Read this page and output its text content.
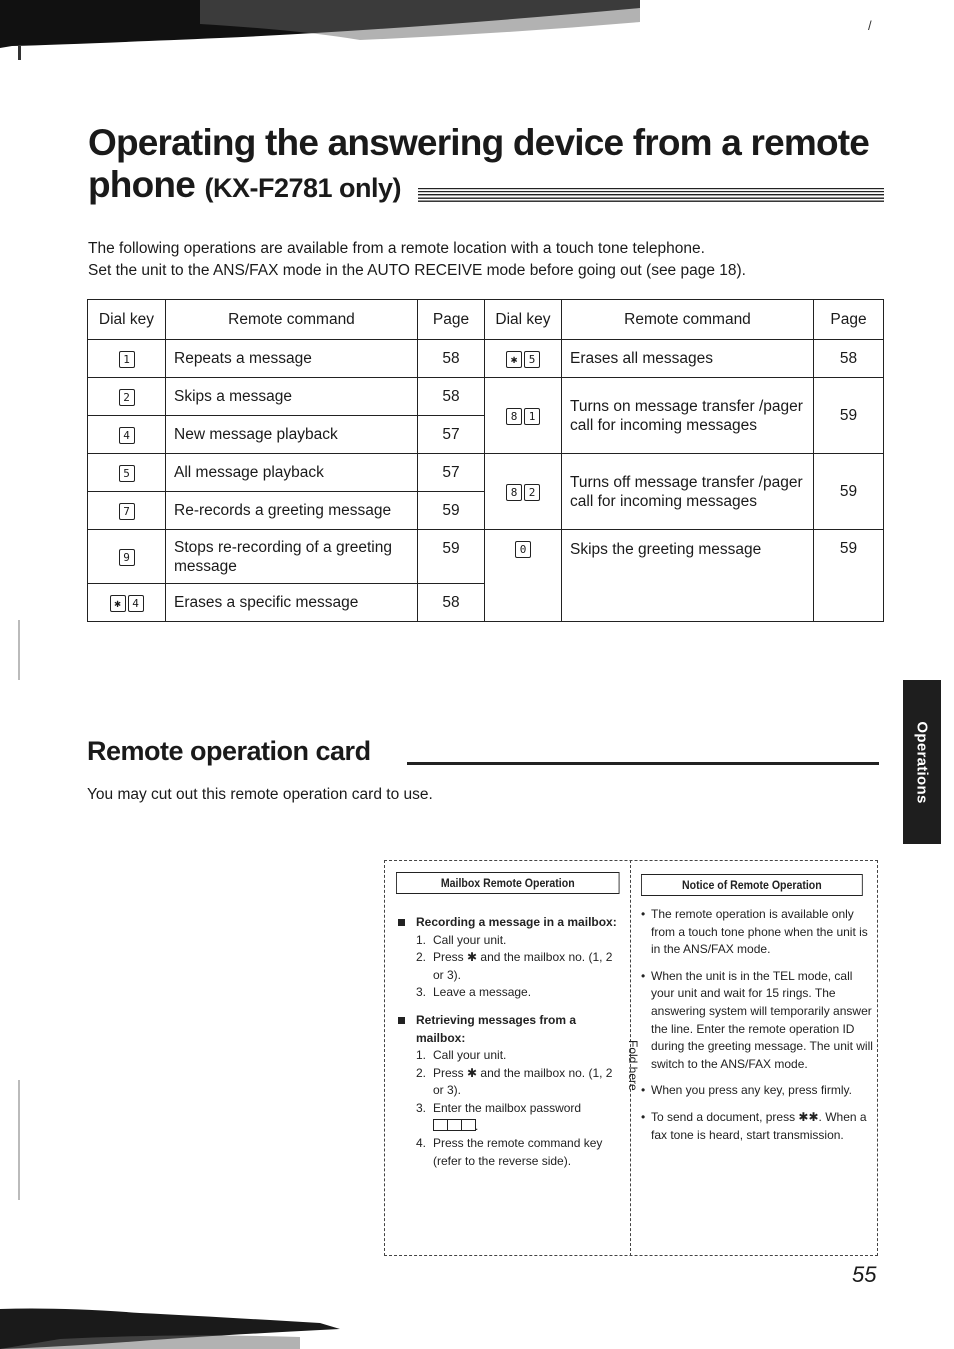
/
Operating the answering device from a remote phone (KX-F2781 only)
The following operations are available from a remote location with a touch tone telephone.
Set the unit to the ANS/FAX mode in the AUTO RECEIVE mode before going out (see page 18).
Dial key	Remote command	Page	Dial key	Remote command	Page
1	Repeats a message	58	✱ 5	Erases all messages	58
2	Skips a message	58	8 1	Turns on message transfer /pager call for incoming messages	59
4	New message playback	57			
5	All message playback	57	8 2	Turns off message transfer /pager call for incoming messages	59
7	Re-records a greeting message	59			
9	Stops re-recording of a greeting message	59	0	Skips the greeting message	59
✱ 4	Erases a specific message	58			
Remote operation card
You may cut out this remote operation card to use.	Operations
Fold here
Mailbox Remote Operation
Recording a message in a mailbox:
1. Call your unit.
2. Press ✱ and the mailbox no. (1, 2 or 3).
3. Leave a message.
Retrieving messages from a mailbox:
1. Call your unit.
2. Press ✱ and the mailbox no. (1, 2 or 3).
3. Enter the mailbox password
.
4. Press the remote command key (refer to the reverse side).
Notice of Remote Operation
• The remote operation is available only from a touch tone phone when the unit is in the ANS/FAX mode.
• When the unit is in the TEL mode, call your unit and wait for 15 rings. The answering system will temporarily answer the line. Enter the remote operation ID during the greeting message. The unit will switch to the ANS/FAX mode.
• When you press any key, press firmly.
• To send a document, press ✱✱. When a fax tone is heard, start transmission.
55
